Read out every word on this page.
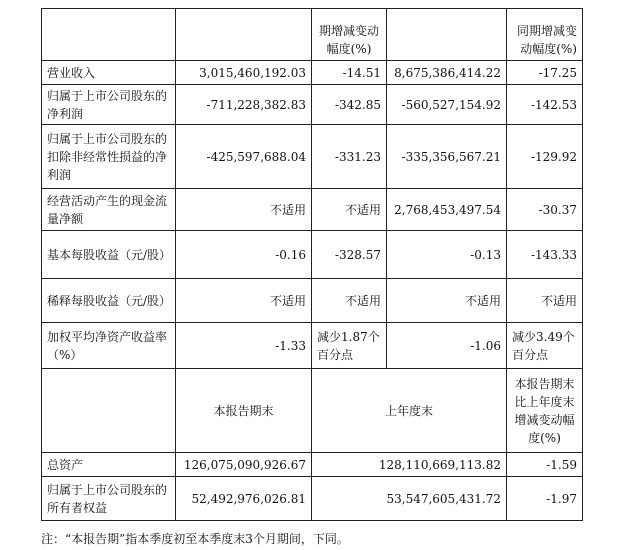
		期增减变动幅度(%)		同期增减变动幅度(%)
营业收入	3,015,460,192.03	-14.51	8,675,386,414.22	-17.25
归属于上市公司股东的净利润	-711,228,382.83	-342.85	-560,527,154.92	-142.53
归属于上市公司股东的扣除非经常性损益的净利润	-425,597,688.04	-331.23	-335,356,567.21	-129.92
经营活动产生的现金流量净额	不适用	不适用	2,768,453,497.54	-30.37
基本每股收益（元/股）	-0.16	-328.57	-0.13	-143.33
稀释每股收益（元/股）	不适用	不适用	不适用	不适用
加权平均净资产收益率（%）	-1.33	减少1.87个百分点	-1.06	减少3.49个百分点
	本报告期末	上年度末		本报告期末比上年度末增减变动幅度(%)
总资产	126,075,090,926.67	128,110,669,113.82		-1.59
归属于上市公司股东的所有者权益	52,492,976,026.81	53,547,605,431.72		-1.97
注：“本报告期”指本季度初至本季度末3个月期间，下同。
